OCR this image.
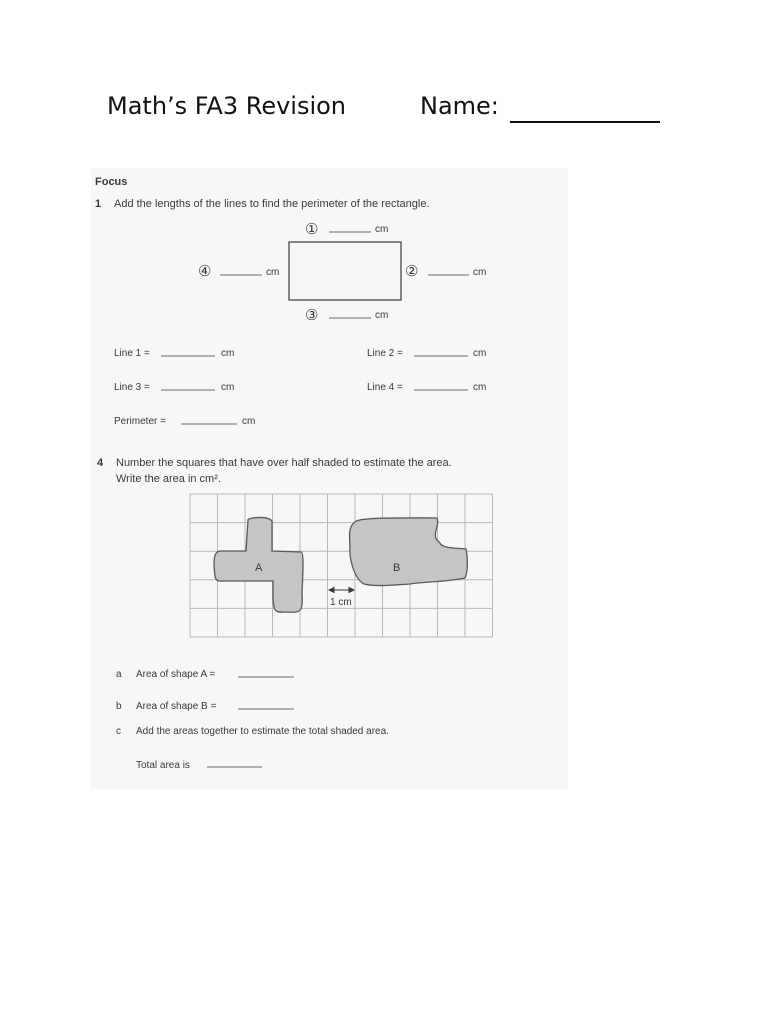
Math’s FA3 Revision	Name:
Focus
1 Add the lengths of the lines to find the perimeter of the rectangle.
①	cm
②	cm
③	cm
④	cm
Line 1 =	cm	Line 2 =	cm
Line 3 =	cm	Line 4 =	cm
Perimeter =	cm
4 Number the squares that have over half shaded to estimate the area.
Write the area in cm².
A	B
1 cm
a Area of shape A =
b Area of shape B =
c Add the areas together to estimate the total shaded area.
Total area is
